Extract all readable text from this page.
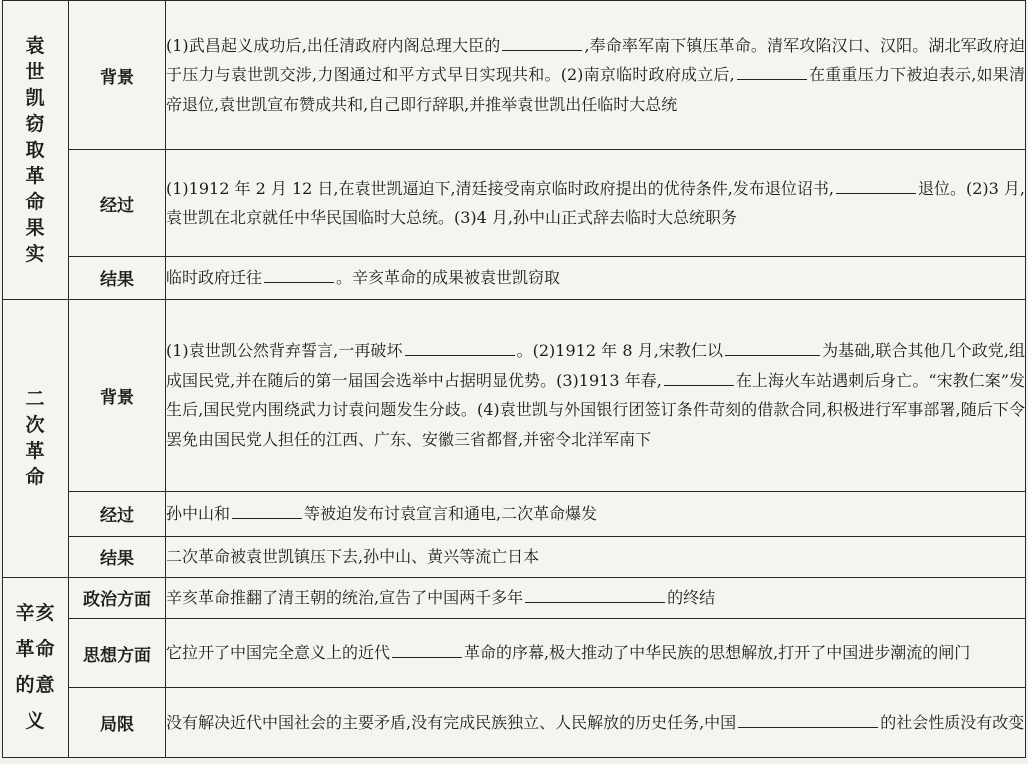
袁世凯窃取革命果实	背景	(1)武昌起义成功后,出任清政府内阁总理大臣的 ,奉命率军南下镇压革命。清军攻陷汉口、汉阳。湖北军政府迫于压力与袁世凯交涉,力图通过和平方式早日实现共和。(2)南京临时政府成立后, 在重重压力下被迫表示,如果清帝退位,袁世凯宣布赞成共和,自己即行辞职,并推举袁世凯出任临时大总统
	经过	(1)1912 年 2 月 12 日,在袁世凯逼迫下,清廷接受南京临时政府提出的优待条件,发布退位诏书, 退位。(2)3 月,袁世凯在北京就任中华民国临时大总统。(3)4 月,孙中山正式辞去临时大总统职务
	结果	临时政府迁往 。辛亥革命的成果被袁世凯窃取
二次革命	背景	(1)袁世凯公然背弃誓言,一再破坏 。(2)1912 年 8 月,宋教仁以 为基础,联合其他几个政党,组成国民党,并在随后的第一届国会选举中占据明显优势。(3)1913 年春, 在上海火车站遇刺后身亡。“宋教仁案”发生后,国民党内围绕武力讨袁问题发生分歧。(4)袁世凯与外国银行团签订条件苛刻的借款合同,积极进行军事部署,随后下令罢免由国民党人担任的江西、广东、安徽三省都督,并密令北洋军南下
	经过	孙中山和 等被迫发布讨袁宣言和通电,二次革命爆发
	结果	二次革命被袁世凯镇压下去,孙中山、黄兴等流亡日本
辛亥革命的意义	政治方面	辛亥革命推翻了清王朝的统治,宣告了中国两千多年 的终结
	思想方面	它拉开了中国完全意义上的近代 革命的序幕,极大推动了中华民族的思想解放,打开了中国进步潮流的闸门
	局限	没有解决近代中国社会的主要矛盾,没有完成民族独立、人民解放的历史任务,中国 的社会性质没有改变
